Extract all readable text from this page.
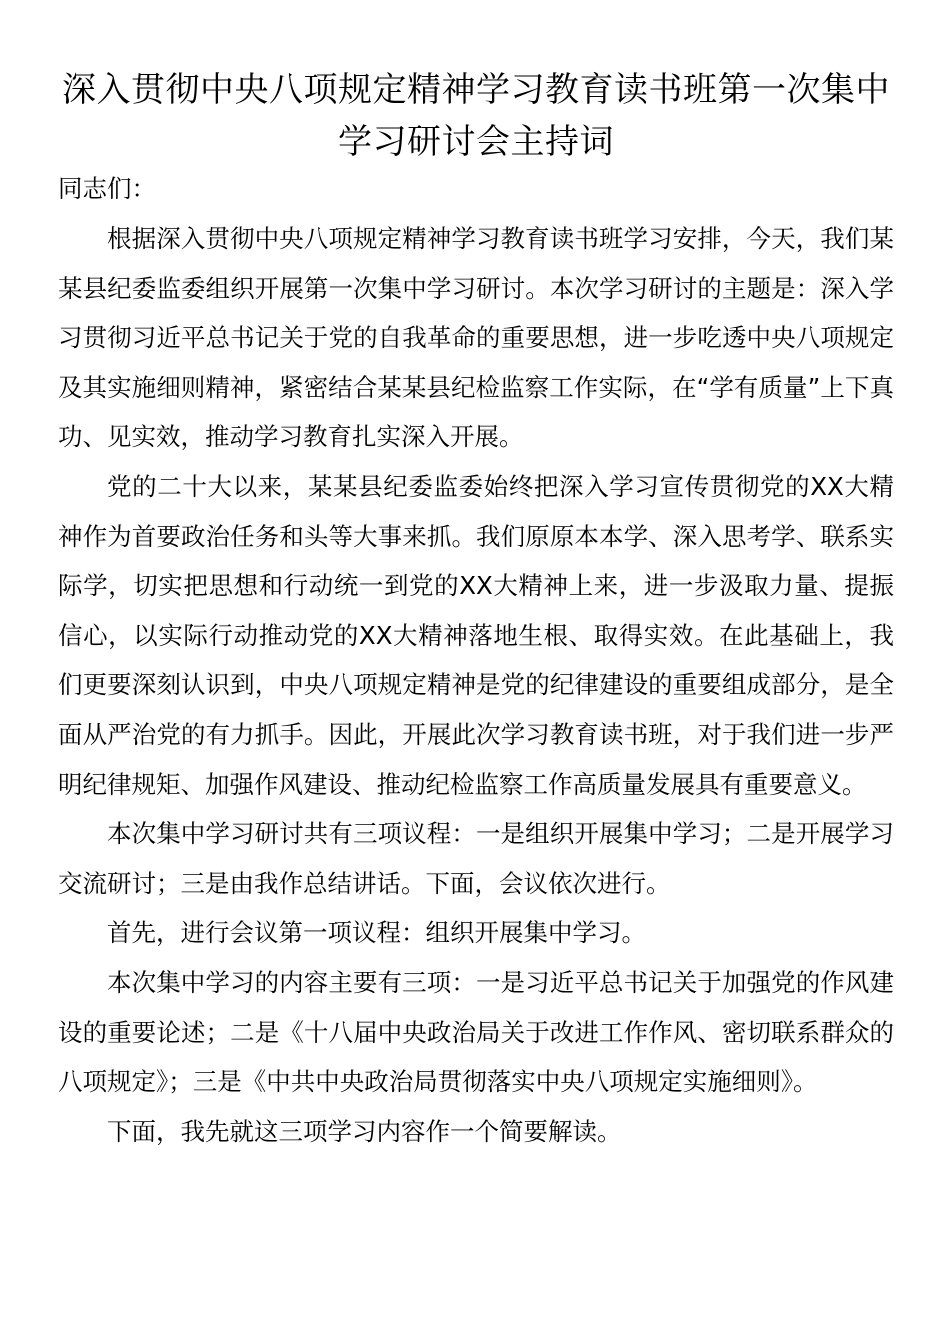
深入贯彻中央八项规定精神学习教育读书班第一次集中学习研讨会主持词

同志们：

根据深入贯彻中央八项规定精神学习教育读书班学习安排，今天，我们某某县纪委监委组织开展第一次集中学习研讨。本次学习研讨的主题是：深入学习贯彻习近平总书记关于党的自我革命的重要思想，进一步吃透中央八项规定及其实施细则精神，紧密结合某某县纪检监察工作实际，在“学有质量”上下真功、见实效，推动学习教育扎实深入开展。

党的二十大以来，某某县纪委监委始终把深入学习宣传贯彻党的XX大精神作为首要政治任务和头等大事来抓。我们原原本本学、深入思考学、联系实际学，切实把思想和行动统一到党的XX大精神上来，进一步汲取力量、提振信心，以实际行动推动党的XX大精神落地生根、取得实效。在此基础上，我们更要深刻认识到，中央八项规定精神是党的纪律建设的重要组成部分，是全面从严治党的有力抓手。因此，开展此次学习教育读书班，对于我们进一步严明纪律规矩、加强作风建设、推动纪检监察工作高质量发展具有重要意义。

本次集中学习研讨共有三项议程：一是组织开展集中学习；二是开展学习交流研讨；三是由我作总结讲话。下面，会议依次进行。

首先，进行会议第一项议程：组织开展集中学习。

本次集中学习的内容主要有三项：一是习近平总书记关于加强党的作风建设的重要论述；二是《十八届中央政治局关于改进工作作风、密切联系群众的八项规定》；三是《中共中央政治局贯彻落实中央八项规定实施细则》。

下面，我先就这三项学习内容作一个简要解读。
